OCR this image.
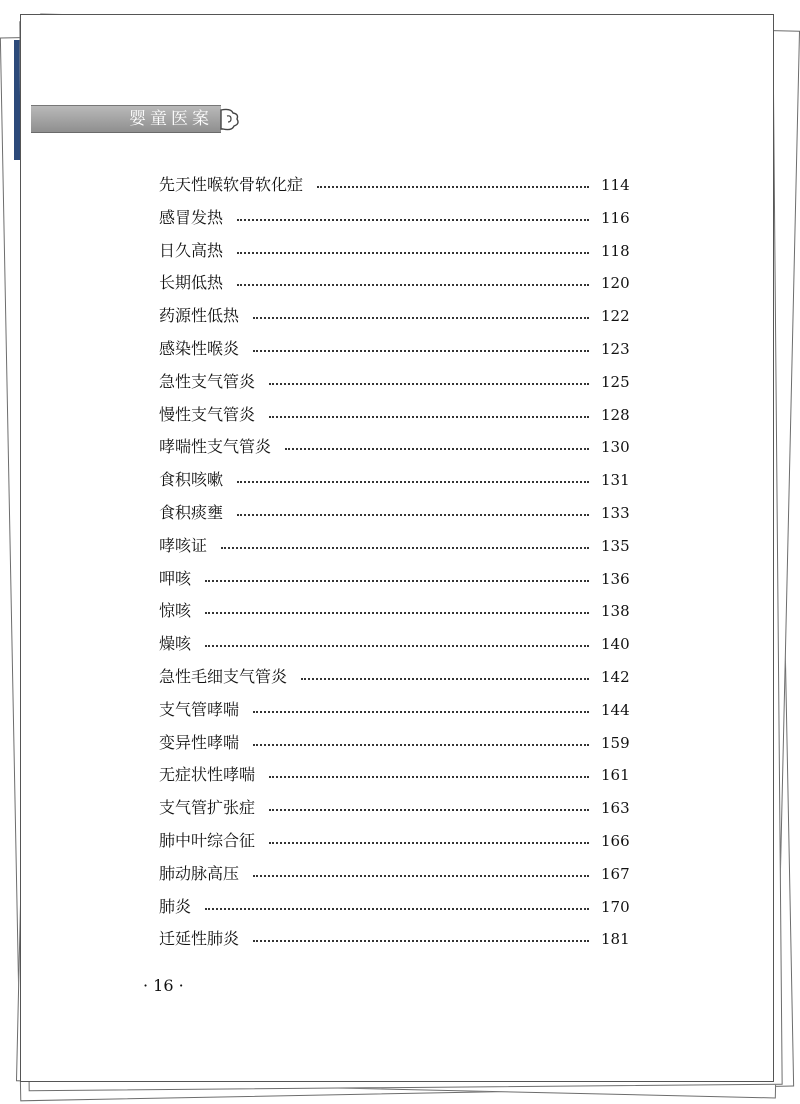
婴童医案
先天性喉软骨软化症	114
感冒发热	116
日久高热	118
长期低热	120
药源性低热	122
感染性喉炎	123
急性支气管炎	125
慢性支气管炎	128
哮喘性支气管炎	130
食积咳嗽	131
食积痰壅	133
哮咳证	135
呷咳	136
惊咳	138
燥咳	140
急性毛细支气管炎	142
支气管哮喘	144
变异性哮喘	159
无症状性哮喘	161
支气管扩张症	163
肺中叶综合征	166
肺动脉高压	167
肺炎	170
迁延性肺炎	181
· 16 ·
